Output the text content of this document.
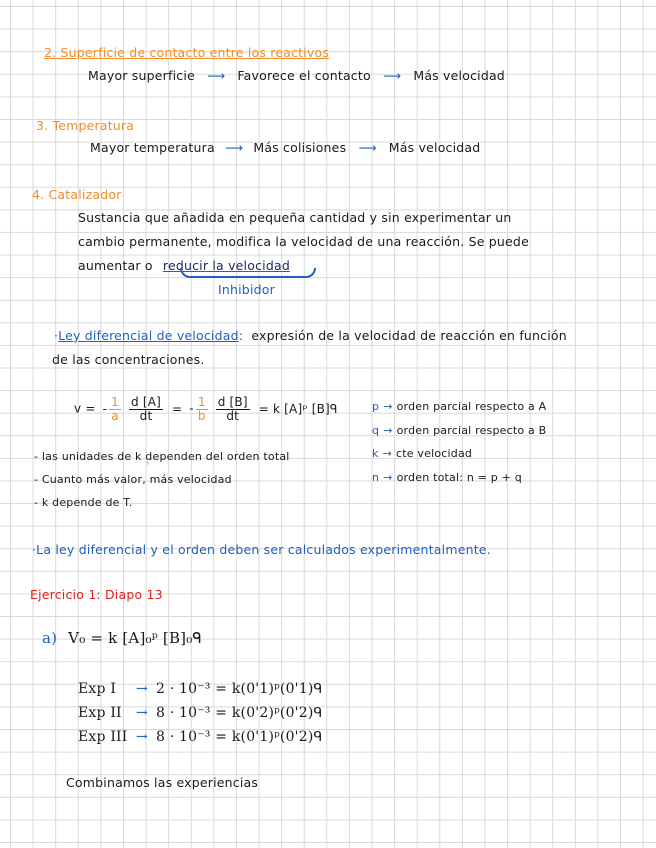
2. Superficie de contacto entre los reactivos
Mayor superficie ⟶ Favorece el contacto ⟶ Más velocidad
3. Temperatura
Mayor temperatura ⟶ Más colisiones ⟶ Más velocidad
4. Catalizador
Sustancia que añadida en pequeña cantidad y sin experimentar un
cambio permanente, modifica la velocidad de una reacción. Se puede
aumentar o reducir la velocidad
Inhibidor
·Ley diferencial de velocidad: expresión de la velocidad de reacción en función
de las concentraciones.
v = - $\frac{1}{a}$
$\frac{d [A]}{dt}$ = - $\frac{1}{b}$
$\frac{d [B]}{dt} = k$ [A]ᵖ [B]ᑫ	p → orden parcial respecto a A
q → orden parcial respecto a B
k → cte velocidad
n → orden total: n = p + q
- las unidades de k dependen del orden total
ꜛ
- Cuanto más valor, más velocidad
- k depende de T.
·La ley diferencial y el orden deben ser calculados experimentalmente.
Ejercicio 1: Diapo 13
a) V₀ = k [A]₀ᵖ [B]₀ᑫ
Exp I → 2 · 10⁻³ = k(0'1)ᵖ(0'1)ᑫ
Exp II → 8 · 10⁻³ = k(0'2)ᵖ(0'2)ᑫ
Exp III → 8 · 10⁻³ = k(0'1)ᵖ(0'2)ᑫ
Combinamos las experiencias
